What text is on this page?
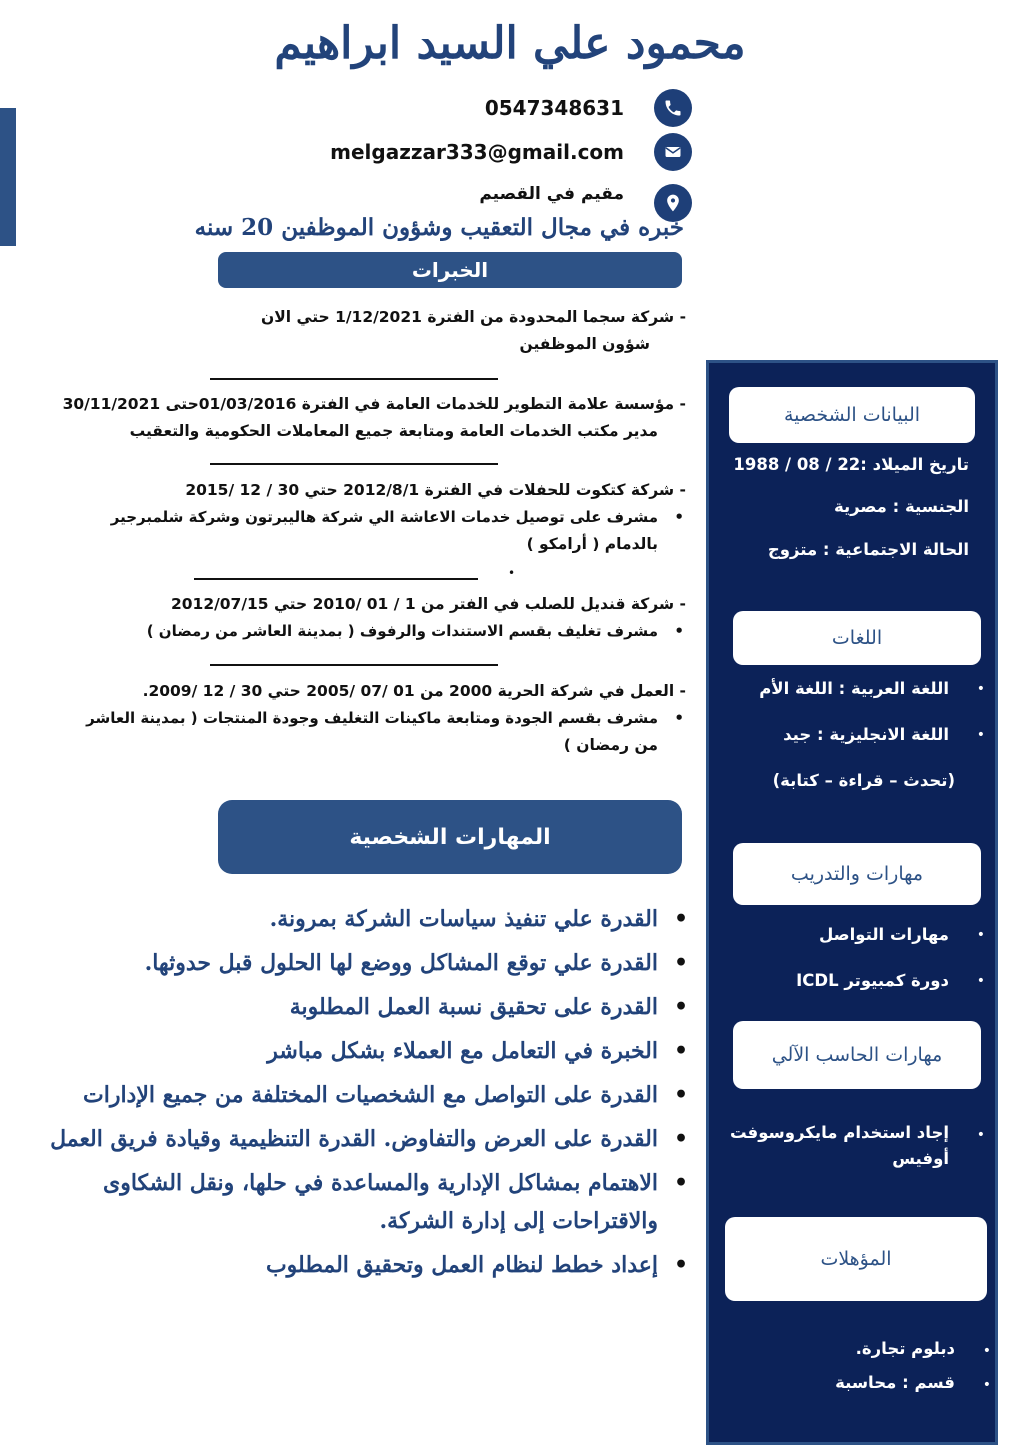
محمود علي السيد ابراهيم
0547348631
melgazzar333@gmail.com
مقيم في القصيم
خبره في مجال التعقيب وشؤون الموظفين 20 سنه
الخبرات
- شركة سجما المحدودة من الفترة 1/12/2021 حتي الان
شؤون الموظفين
- مؤسسة علامة التطوير للخدمات العامة في الفترة 01/03/2016حتى 30/11/2021
مدير مكتب الخدمات العامة ومتابعة جميع المعاملات الحكومية والتعقيب
- شركة كتكوت للحفلات في الفترة 2012/8/1 حتي 30 / 12 /2015
• مشرف على توصيل خدمات الاعاشة الي شركة هاليبرتون وشركة شلمبرجير
بالدمام ( أرامكو )
•
- شركة قنديل للصلب في الفتر من 1 / 01 /2010 حتي 2012/07/15
• مشرف تغليف بقسم الاستندات والرفوف ( بمدينة العاشر من رمضان )
- العمل في شركة الحرية 2000 من 01 /07 /2005 حتي 30 / 12 /2009.
• مشرف بقسم الجودة ومتابعة ماكينات التغليف وجودة المنتجات ( بمدينة العاشر
من رمضان )
المهارات الشخصية
• القدرة علي تنفيذ سياسات الشركة بمرونة.
• القدرة علي توقع المشاكل ووضع لها الحلول قبل حدوثها.
• القدرة على تحقيق نسبة العمل المطلوبة
• الخبرة في التعامل مع العملاء بشكل مباشر
• القدرة على التواصل مع الشخصيات المختلفة من جميع الإدارات
• القدرة على العرض والتفاوض. القدرة التنظيمية وقيادة فريق العمل
• الاهتمام بمشاكل الإدارية والمساعدة في حلها، ونقل الشكاوى والاقتراحات إلى إدارة الشركة.
• إعداد خطط لنظام العمل وتحقيق المطلوب
البيانات الشخصية
تاريخ الميلاد :22 / 08 / 1988
الجنسية : مصرية
الحالة الاجتماعية : متزوج
اللغات
•
اللغة العربية : اللغة الأم
•
اللغة الانجليزية : جيد
(تحدث – قراءة – كتابة)
مهارات والتدريب
•
مهارات التواصل
•
دورة كمبيوتر ICDL
مهارات الحاسب الآلي
•
إجاد استخدام مايكروسوفت
أوفيس
المؤهلات
•
دبلوم تجارة.
•
قسم : محاسبة
